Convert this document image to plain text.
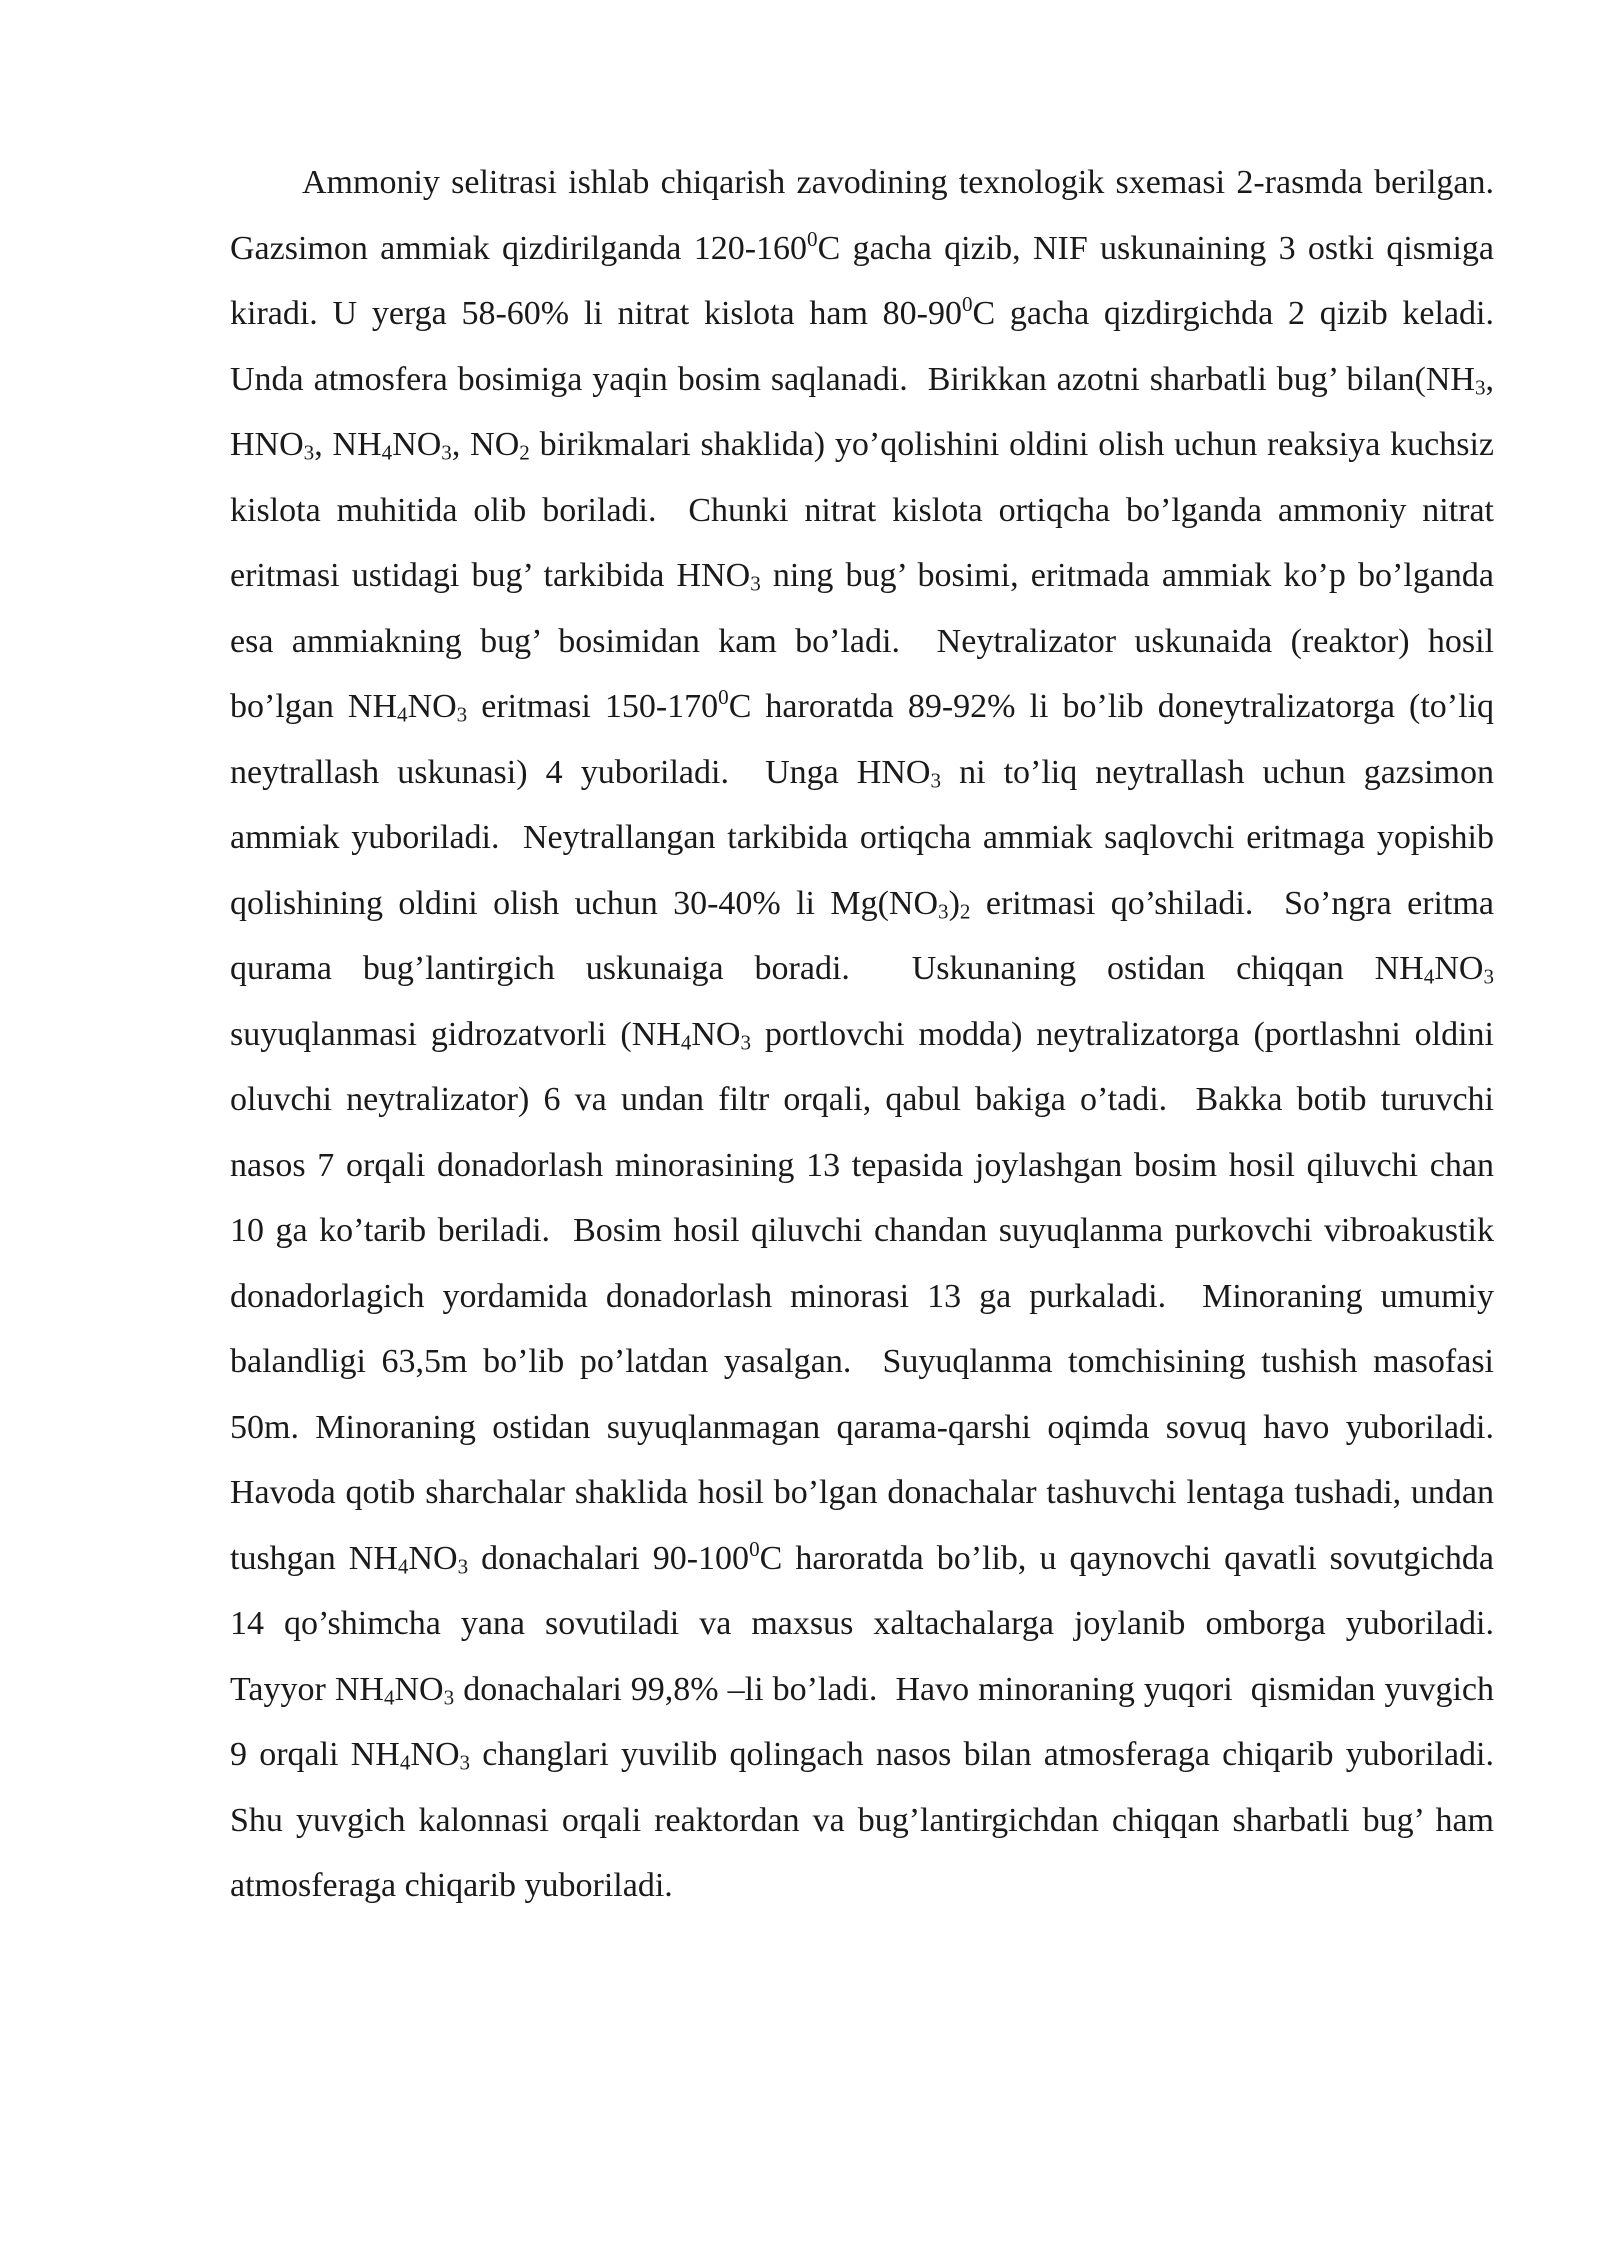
Ammoniy selitrasi ishlab chiqarish zavodining texnologik sxemasi 2-rasmda berilgan.  Gazsimon ammiak qizdirilganda $120-160^0C$ gacha qizib, NIF uskunaining 3 ostki qismiga kiradi. U yerga 58-60% li nitrat kislota ham $80-90^0C$ gacha qizdirgichda 2 qizib keladi.  Unda atmosfera bosimiga yaqin bosim saqlanadi.  Birikkan azotni sharbatli bug’ $bilan(NH_3$, $HNO_3$, $NH_4NO_3$, $NO_2$ birikmalari shaklida) yo’qolishini oldini olish uchun reaksiya kuchsiz kislota muhitida olib boriladi.  Chunki nitrat kislota ortiqcha bo’lganda ammoniy nitrat eritmasi ustidagi bug’ tarkibida $HNO_3$ ning bug’ bosimi, eritmada ammiak ko’p bo’lganda esa ammiakning bug’ bosimidan kam bo’ladi.  Neytralizator uskunaida (reaktor) hosil bo’lgan $NH_4NO_3$ eritmasi $150-170^0C$ haroratda 89-92% li bo’lib doneytralizatorga (to’liq neytrallash uskunasi) 4 yuboriladi.  Unga $HNO_3$ ni to’liq neytrallash uchun gazsimon ammiak yuboriladi.  Neytrallangan tarkibida ortiqcha ammiak saqlovchi eritmaga yopishib qolishining oldini olish uchun 30-40% li $Mg(NO_3)_2$ eritmasi qo’shiladi.  So’ngra eritma qurama bug’lantirgich uskunaiga boradi.  Uskunaning ostidan chiqqan $NH_4NO_3$ suyuqlanmasi gidrozatvorli ($NH_4NO_3$ portlovchi modda) neytralizatorga (portlashni oldini oluvchi neytralizator) 6 va undan filtr orqali, qabul bakiga o’tadi.  Bakka botib turuvchi nasos 7 orqali donadorlash minorasining 13 tepasida joylashgan bosim hosil qiluvchi chan 10 ga ko’tarib beriladi.  Bosim hosil qiluvchi chandan suyuqlanma purkovchi vibroakustik donadorlagich yordamida donadorlash minorasi 13 ga purkaladi.  Minoraning umumiy balandligi 63,5m bo’lib po’latdan yasalgan.  Suyuqlanma tomchisining tushish masofasi 50m. Minoraning ostidan suyuqlanmagan qarama-qarshi oqimda sovuq havo yuboriladi.  Havoda qotib sharchalar shaklida hosil bo’lgan donachalar tashuvchi lentaga tushadi, undan tushgan $NH_4NO_3$ donachalari $90-100^0C$ haroratda bo’lib, u qaynovchi qavatli sovutgichda 14 qo’shimcha yana sovutiladi va maxsus xaltachalarga joylanib omborga yuboriladi.  Tayyor $NH_4NO_3$ donachalari 99,8% –li bo’ladi.  Havo minoraning yuqori  qismidan yuvgich 9 orqali $NH_4NO_3$ changlari yuvilib qolingach nasos bilan atmosferaga chiqarib yuboriladi.  Shu yuvgich kalonnasi orqali reaktordan va bug’lantirgichdan chiqqan sharbatli bug’ ham atmosferaga chiqarib yuboriladi.
